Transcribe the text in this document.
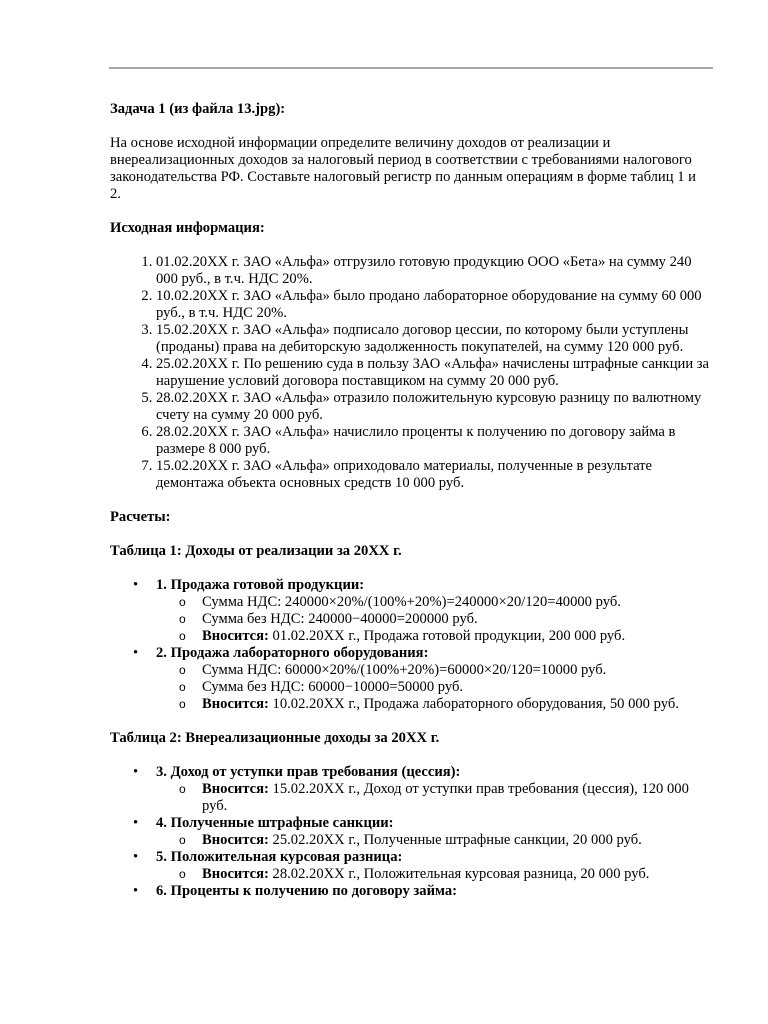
Задача 1 (из файла 13.jpg):

На основе исходной информации определите величину доходов от реализации и внереализационных доходов за налоговый период в соответствии с требованиями налогового законодательства РФ. Составьте налоговый регистр по данным операциям в форме таблиц 1 и 2.

Исходная информация:

1. 01.02.20XX г. ЗАО «Альфа» отгрузило готовую продукцию ООО «Бета» на сумму 240 000 руб., в т.ч. НДС 20%.
2. 10.02.20XX г. ЗАО «Альфа» было продано лабораторное оборудование на сумму 60 000 руб., в т.ч. НДС 20%.
3. 15.02.20XX г. ЗАО «Альфа» подписало договор цессии, по которому были уступлены (проданы) права на дебиторскую задолженность покупателей, на сумму 120 000 руб.
4. 25.02.20XX г. По решению суда в пользу ЗАО «Альфа» начислены штрафные санкции за нарушение условий договора поставщиком на сумму 20 000 руб.
5. 28.02.20XX г. ЗАО «Альфа» отразило положительную курсовую разницу по валютному счету на сумму 20 000 руб.
6. 28.02.20XX г. ЗАО «Альфа» начислило проценты к получению по договору займа в размере 8 000 руб.
7. 15.02.20XX г. ЗАО «Альфа» оприходовало материалы, полученные в результате демонтажа объекта основных средств 10 000 руб.

Расчеты:

Таблица 1: Доходы от реализации за 20XX г.

• 1. Продажа готовой продукции:
o Сумма НДС: 240000×20%/(100%+20%)=240000×20/120=40000 руб.
o Сумма без НДС: 240000−40000=200000 руб.
o Вносится: 01.02.20XX г., Продажа готовой продукции, 200 000 руб.
• 2. Продажа лабораторного оборудования:
o Сумма НДС: 60000×20%/(100%+20%)=60000×20/120=10000 руб.
o Сумма без НДС: 60000−10000=50000 руб.
o Вносится: 10.02.20XX г., Продажа лабораторного оборудования, 50 000 руб.

Таблица 2: Внереализационные доходы за 20XX г.

• 3. Доход от уступки прав требования (цессия):
o Вносится: 15.02.20XX г., Доход от уступки прав требования (цессия), 120 000 руб.
• 4. Полученные штрафные санкции:
o Вносится: 25.02.20XX г., Полученные штрафные санкции, 20 000 руб.
• 5. Положительная курсовая разница:
o Вносится: 28.02.20XX г., Положительная курсовая разница, 20 000 руб.
• 6. Проценты к получению по договору займа:
